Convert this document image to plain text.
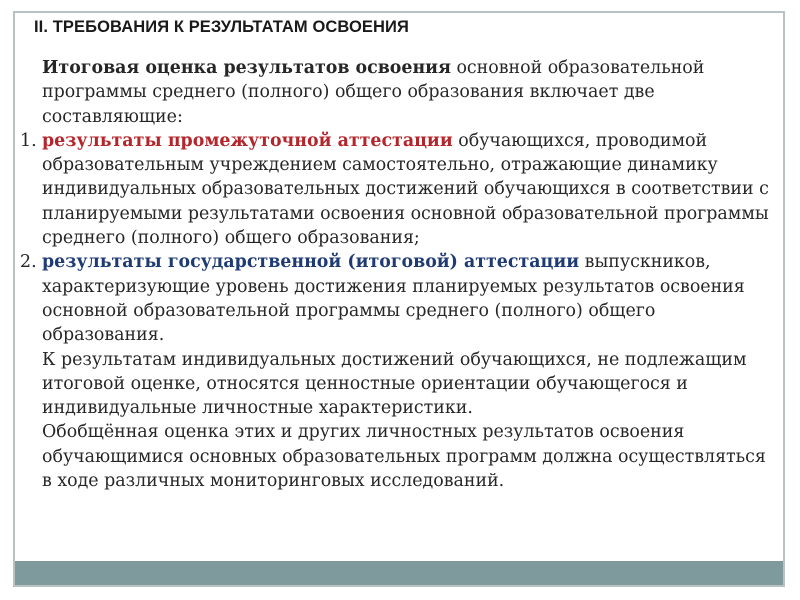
II. ТРЕБОВАНИЯ К РЕЗУЛЬТАТАМ ОСВОЕНИЯ

Итоговая оценка результатов освоения основной образовательной программы среднего (полного) общего образования включает две составляющие:

1. результаты промежуточной аттестации обучающихся, проводимой образовательным учреждением самостоятельно, отражающие динамику индивидуальных образовательных достижений обучающихся в соответствии с планируемыми результатами освоения основной образовательной программы среднего (полного) общего образования;

2. результаты государственной (итоговой) аттестации выпускников, характеризующие уровень достижения планируемых результатов освоения основной образовательной программы среднего (полного) общего образования.

К результатам индивидуальных достижений обучающихся, не подлежащим итоговой оценке, относятся ценностные ориентации обучающегося и индивидуальные личностные характеристики.

Обобщённая оценка этих и других личностных результатов освоения обучающимися основных образовательных программ должна осуществляться в ходе различных мониторинговых исследований.
